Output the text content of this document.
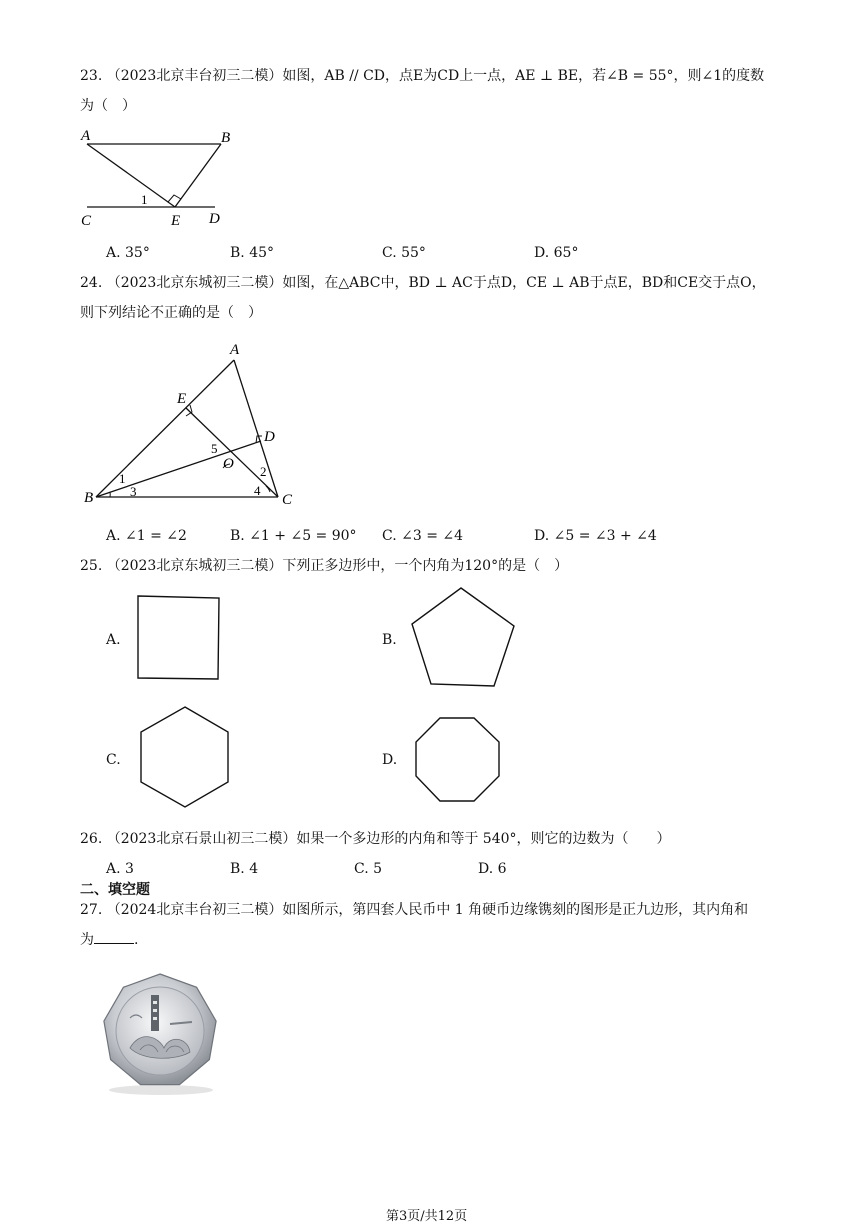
23. （2023北京丰台初三二模）如图，AB // CD，点E为CD上一点，AE ⊥ BE，若∠B = 55°，则∠1的度数
为（　）
A	B
C	E D
1
A. 35°	B. 45°	C. 55°	D. 65°
24. （2023北京东城初三二模）如图，在△ABC中，BD ⊥ AC于点D，CE ⊥ AB于点E，BD和CE交于点O，
则下列结论不正确的是（　）
A
B	C
D
E
O
1
3
2
4
5
A. ∠1 = ∠2	B. ∠1 + ∠5 = 90° C. ∠3 = ∠4	D. ∠5 = ∠3 + ∠4
25. （2023北京东城初三二模）下列正多边形中，一个内角为120°的是（　）
A.	B.
C.	D.
26. （2023北京石景山初三二模）如果一个多边形的内角和等于 540°，则它的边数为（　　）
A. 3	B. 4	C. 5	D. 6
二、填空题
27. （2024北京丰台初三二模）如图所示，第四套人民币中 1 角硬币边缘镌刻的图形是正九边形，其内角和
为	.
第3页/共12页
